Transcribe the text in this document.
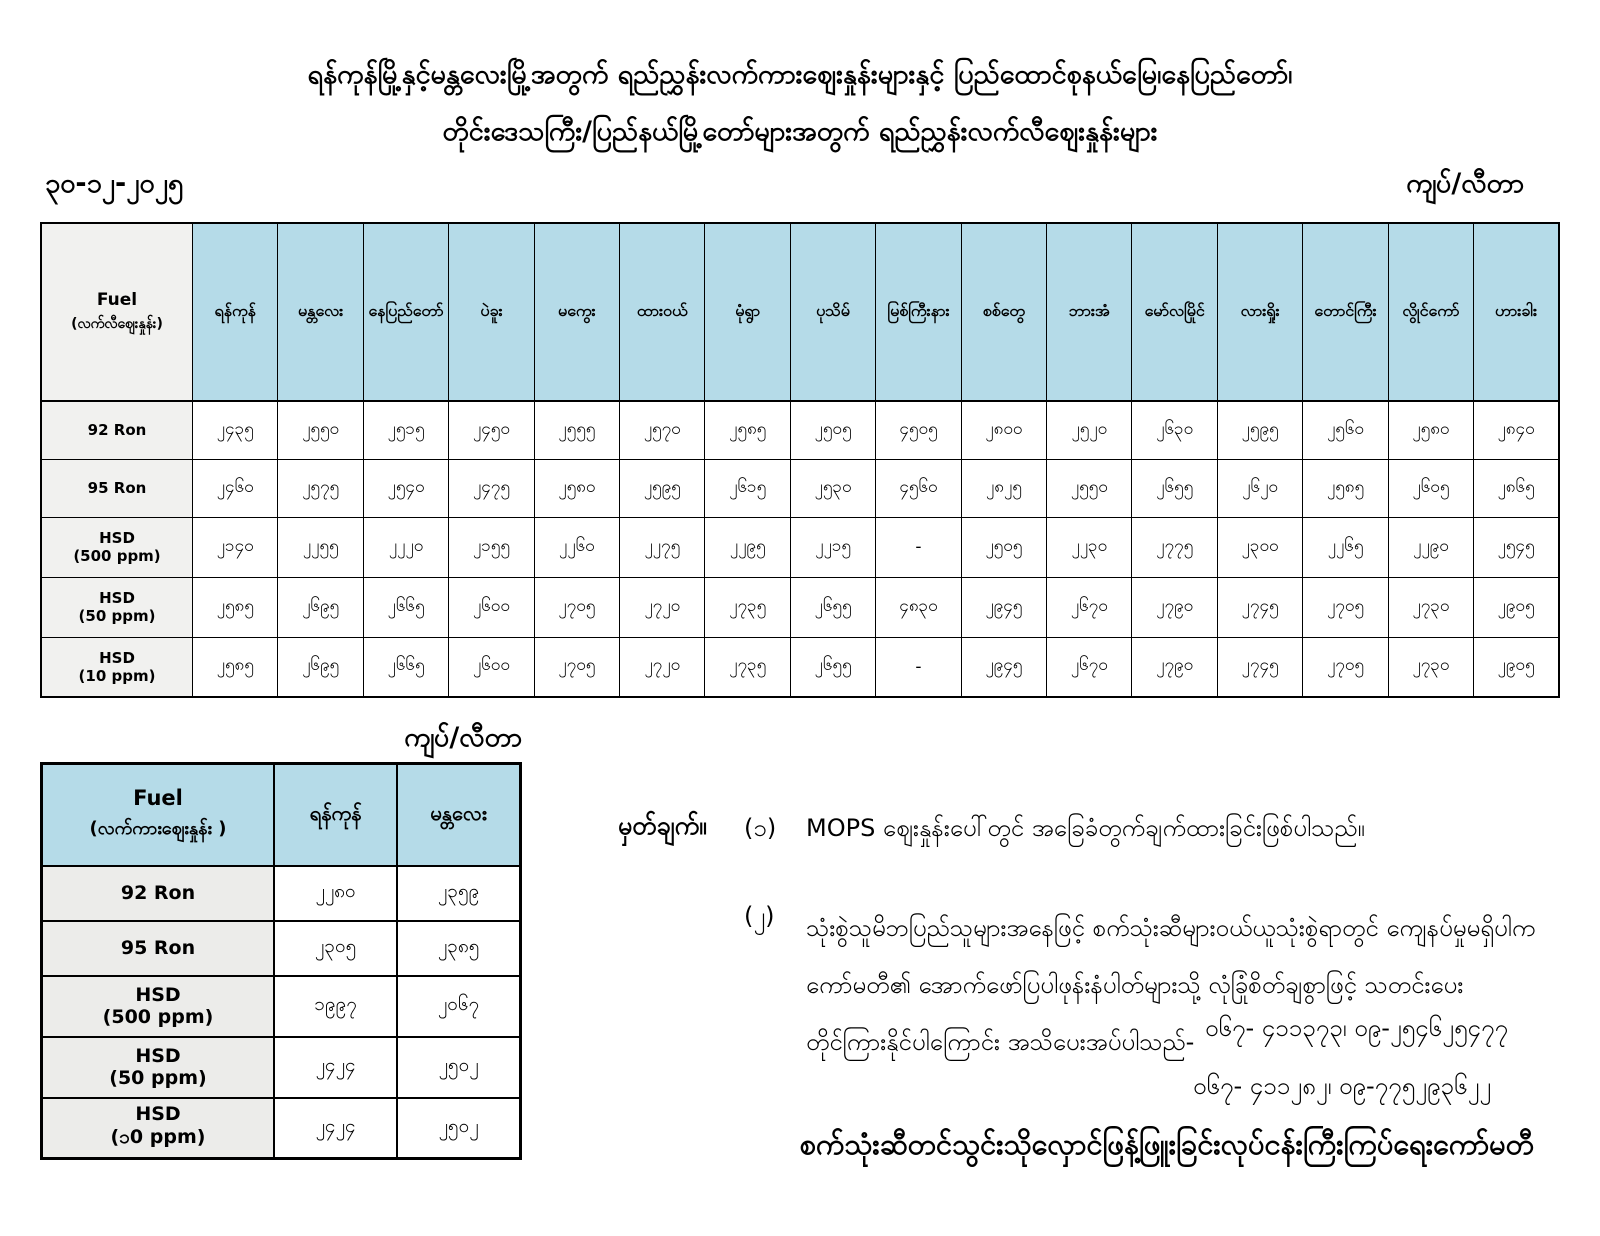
ရန်ကုန်မြို့နှင့်မန္တလေးမြို့အတွက် ရည်ညွှန်းလက်ကားဈေးနှုန်းများနှင့် ပြည်ထောင်စုနယ်မြေ၊နေပြည်တော်၊
တိုင်းဒေသကြီး/ပြည်နယ်မြို့တော်များအတွက် ရည်ညွှန်းလက်လီဈေးနှုန်းများ
၃၀-၁၂-၂၀၂၅	ကျပ်/လီတာ
Fuel
(လက်လီဈေးနှုန်း)	ရန်ကုန်	မန္တလေး	နေပြည်တော်	ပဲခူး	မကွေး	ထားဝယ်	မုံရွာ	ပုသိမ်	မြစ်ကြီးနား	စစ်တွေ	ဘားအံ	မော်လမြိုင်	လားရှိုး	တောင်ကြီး	လွိုင်ကော်	ဟားခါး

92 Ron	၂၄၃၅	၂၅၅၀	၂၅၁၅	၂၄၅၀	၂၅၅၅	၂၅၇၀	၂၅၈၅	၂၅၀၅	၄၅၀၅	၂၈၀၀	၂၅၂၀	၂၆၃၀	၂၅၉၅	၂၅၆၀	၂၅၈၀	၂၈၄၀

95 Ron	၂၄၆၀	၂၅၇၅	၂၅၄၀	၂၄၇၅	၂၅၈၀	၂၅၉၅	၂၆၁၅	၂၅၃၀	၄၅၆၀	၂၈၂၅	၂၅၅၀	၂၆၅၅	၂၆၂၀	၂၅၈၅	၂၆၀၅	၂၈၆၅

HSD
(500 ppm)	၂၁၄၀	၂၂၅၅	၂၂၂၀	၂၁၅၅	၂၂၆၀	၂၂၇၅	၂၂၉၅	၂၂၁၅	-	၂၅၀၅	၂၂၃၀	၂၇၇၅	၂၃၀၀	၂၂၆၅	၂၂၉၀	၂၅၄၅

HSD
(50 ppm)	၂၅၈၅	၂၆၉၅	၂၆၆၅	၂၆၀၀	၂၇၀၅	၂၇၂၀	၂၇၃၅	၂၆၅၅	၄၈၃၀	၂၉၄၅	၂၆၇၀	၂၇၉၀	၂၇၄၅	၂၇၀၅	၂၇၃၀	၂၉၀၅

HSD
(10 ppm)	၂၅၈၅	၂၆၉၅	၂၆၆၅	၂၆၀၀	၂၇၀၅	၂၇၂၀	၂၇၃၅	၂၆၅၅	-	၂၉၄၅	၂၆၇၀	၂၇၉၀	၂၇၄၅	၂၇၀၅	၂၇၃၀	၂၉၀၅
ကျပ်/လီတာ
Fuel
(လက်ကားဈေးနှုန်း )	ရန်ကုန်	မန္တလေး

92 Ron	၂၂၈၀	၂၃၅၉

95 Ron	၂၃၀၅	၂၃၈၅

HSD
(500 ppm)	၁၉၉၇	၂၀၆၇

HSD
(50 ppm)	၂၄၂၄	၂၅၀၂

HSD
(၁0 ppm)	၂၄၂၄	၂၅၀၂
မှတ်ချက်။ (၁) MOPS ဈေးနှုန်းပေါ်တွင် အခြေခံတွက်ချက်ထားခြင်းဖြစ်ပါသည်။
(၂) သုံးစွဲသူမိဘပြည်သူများအနေဖြင့် စက်သုံးဆီများဝယ်ယူသုံးစွဲရာတွင် ကျေနပ်မှုမရှိပါက
ကော်မတီ၏ အောက်ဖော်ပြပါဖုန်းနံပါတ်များသို့ လုံခြုံစိတ်ချစွာဖြင့် သတင်းပေး
တိုင်ကြားနိုင်ပါကြောင်း အသိပေးအပ်ပါသည်- ၀၆၇- ၄၁၁၃၇၃၊ ၀၉-၂၅၄၆၂၅၄၇၇
၀၆၇- ၄၁၁၂၈၂၊ ၀၉-၇၇၅၂၉၃၆၂၂
စက်သုံးဆီတင်သွင်းသိုလှောင်ဖြန့်ဖြူးခြင်းလုပ်ငန်းကြီးကြပ်ရေးကော်မတီ
